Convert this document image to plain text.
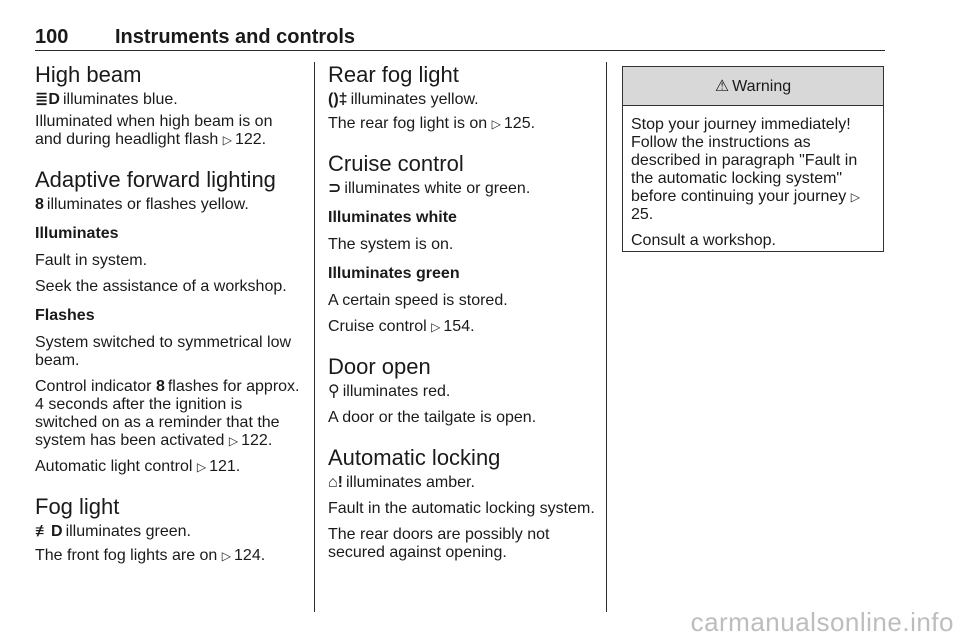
100 Instruments and controls
High beam

≣D illuminates blue.

Illuminated when high beam is on and during headlight flash ▷ 122.

Adaptive forward lighting

8 illuminates or flashes yellow.

Illuminates

Fault in system.

Seek the assistance of a workshop.

Flashes

System switched to symmetrical low beam.

Control indicator 8 flashes for approx. 4 seconds after the ignition is switched on as a reminder that the system has been activated ▷ 122.

Automatic light control ▷ 121.

Fog light

≢D illuminates green.

The front fog lights are on ▷ 124.

Rear fog light

()‡ illuminates yellow.

The rear fog light is on ▷ 125.

Cruise control

⊃ illuminates white or green.

Illuminates white

The system is on.

Illuminates green

A certain speed is stored.

Cruise control ▷ 154.

Door open

⚲ illuminates red.

A door or the tailgate is open.

Automatic locking

⌂! illuminates amber.

Fault in the automatic locking system.

The rear doors are possibly not secured against opening.

⚠ Warning

Stop your journey immediately! Follow the instructions as described in paragraph "Fault in the automatic locking system" before continuing your journey ▷25.

Consult a workshop.

carmanualsonline.info
